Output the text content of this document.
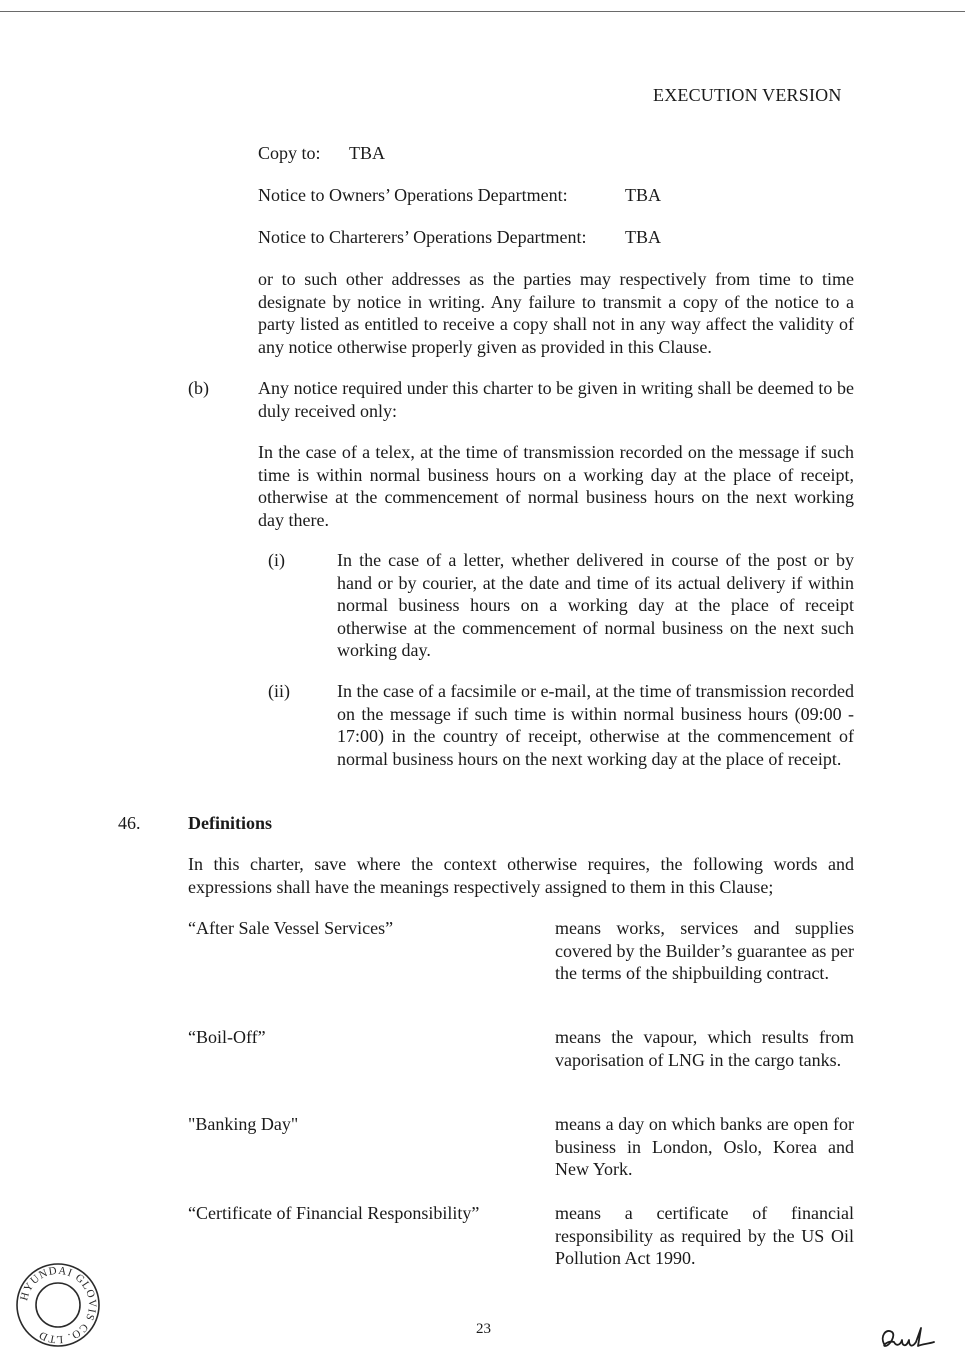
EXECUTION VERSION
Copy to: TBA
Notice to Owners’ Operations Department:	TBA
Notice to Charterers’ Operations Department: TBA
or to such other addresses as the parties may respectively from time to time designate by notice in writing. Any failure to transmit a copy of the notice to a party listed as entitled to receive a copy shall not in any way affect the validity of any notice otherwise properly given as provided in this Clause.
(b)	Any notice required under this charter to be given in writing shall be deemed to be duly received only:
In the case of a telex, at the time of transmission recorded on the message if such time is within normal business hours on a working day at the place of receipt, otherwise at the commencement of normal business hours on the next working day there.
(i)	In the case of a letter, whether delivered in course of the post or by hand or by courier, at the date and time of its actual delivery if within normal business hours on a working day at the place of receipt otherwise at the commencement of normal business on the next such working day.
(ii)	In the case of a facsimile or e-mail, at the time of transmission recorded on the message if such time is within normal business hours (09:00 - 17:00) in the country of receipt, otherwise at the commencement of normal business hours on the next working day at the place of receipt.
46.	Definitions
In this charter, save where the context otherwise requires, the following words and expressions shall have the meanings respectively assigned to them in this Clause;
“After Sale Vessel Services”	means works, services and supplies covered by the Builder’s guarantee as per the terms of the shipbuilding contract.
“Boil-Off”	means the vapour, which results from vaporisation of LNG in the cargo tanks.
"Banking Day"	means a day on which banks are open for business in London, Oslo, Korea and New York.
“Certificate of Financial Responsibility”	means a certificate of financial responsibility as required by the US Oil Pollution Act 1990.
HYUNDAI GLOVIS CO. LTD	23
